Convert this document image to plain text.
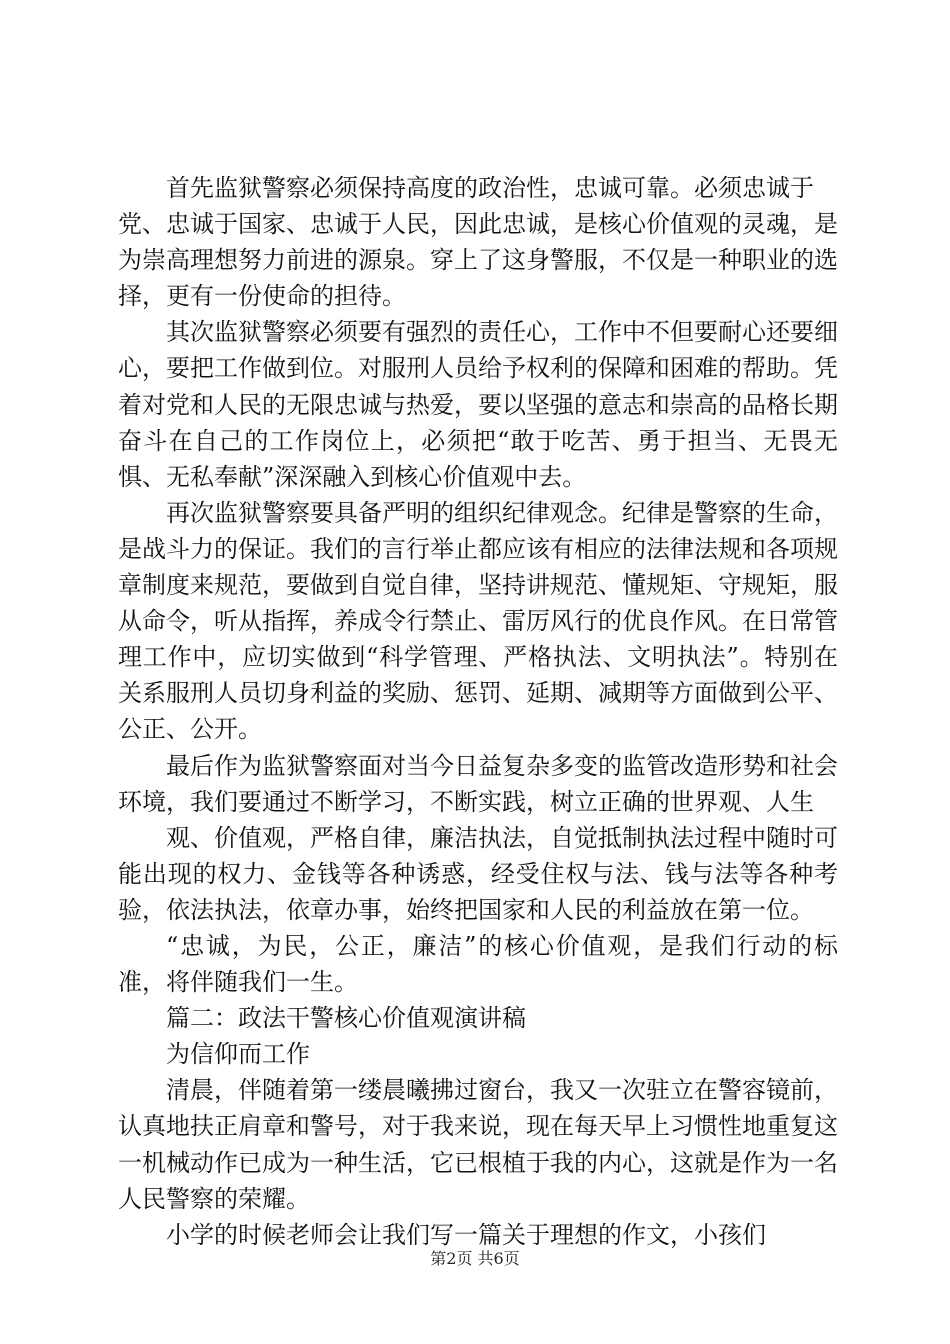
首先监狱警察必须保持高度的政治性，忠诚可靠。必须忠诚于党、忠诚于国家、忠诚于人民，因此忠诚，是核心价值观的灵魂，是为崇高理想努力前进的源泉。穿上了这身警服，不仅是一种职业的选择，更有一份使命的担待。

其次监狱警察必须要有强烈的责任心，工作中不但要耐心还要细心，要把工作做到位。对服刑人员给予权利的保障和困难的帮助。凭着对党和人民的无限忠诚与热爱，要以坚强的意志和崇高的品格长期奋斗在自己的工作岗位上，必须把“敢于吃苦、勇于担当、无畏无惧、无私奉献”深深融入到核心价值观中去。

再次监狱警察要具备严明的组织纪律观念。纪律是警察的生命，是战斗力的保证。我们的言行举止都应该有相应的法律法规和各项规章制度来规范，要做到自觉自律，坚持讲规范、懂规矩、守规矩，服从命令，听从指挥，养成令行禁止、雷厉风行的优良作风。在日常管理工作中，应切实做到“科学管理、严格执法、文明执法”。特别在关系服刑人员切身利益的奖励、惩罚、延期、减期等方面做到公平、公正、公开。

最后作为监狱警察面对当今日益复杂多变的监管改造形势和社会环境，我们要通过不断学习，不断实践，树立正确的世界观、人生

观、价值观，严格自律，廉洁执法，自觉抵制执法过程中随时可能出现的权力、金钱等各种诱惑，经受住权与法、钱与法等各种考验，依法执法，依章办事，始终把国家和人民的利益放在第一位。

“忠诚，为民，公正，廉洁”的核心价值观，是我们行动的标准，将伴随我们一生。

篇二：政法干警核心价值观演讲稿

为信仰而工作

清晨，伴随着第一缕晨曦拂过窗台，我又一次驻立在警容镜前，认真地扶正肩章和警号，对于我来说，现在每天早上习惯性地重复这一机械动作已成为一种生活，它已根植于我的内心，这就是作为一名人民警察的荣耀。

小学的时候老师会让我们写一篇关于理想的作文，小孩们

第2页 共6页
